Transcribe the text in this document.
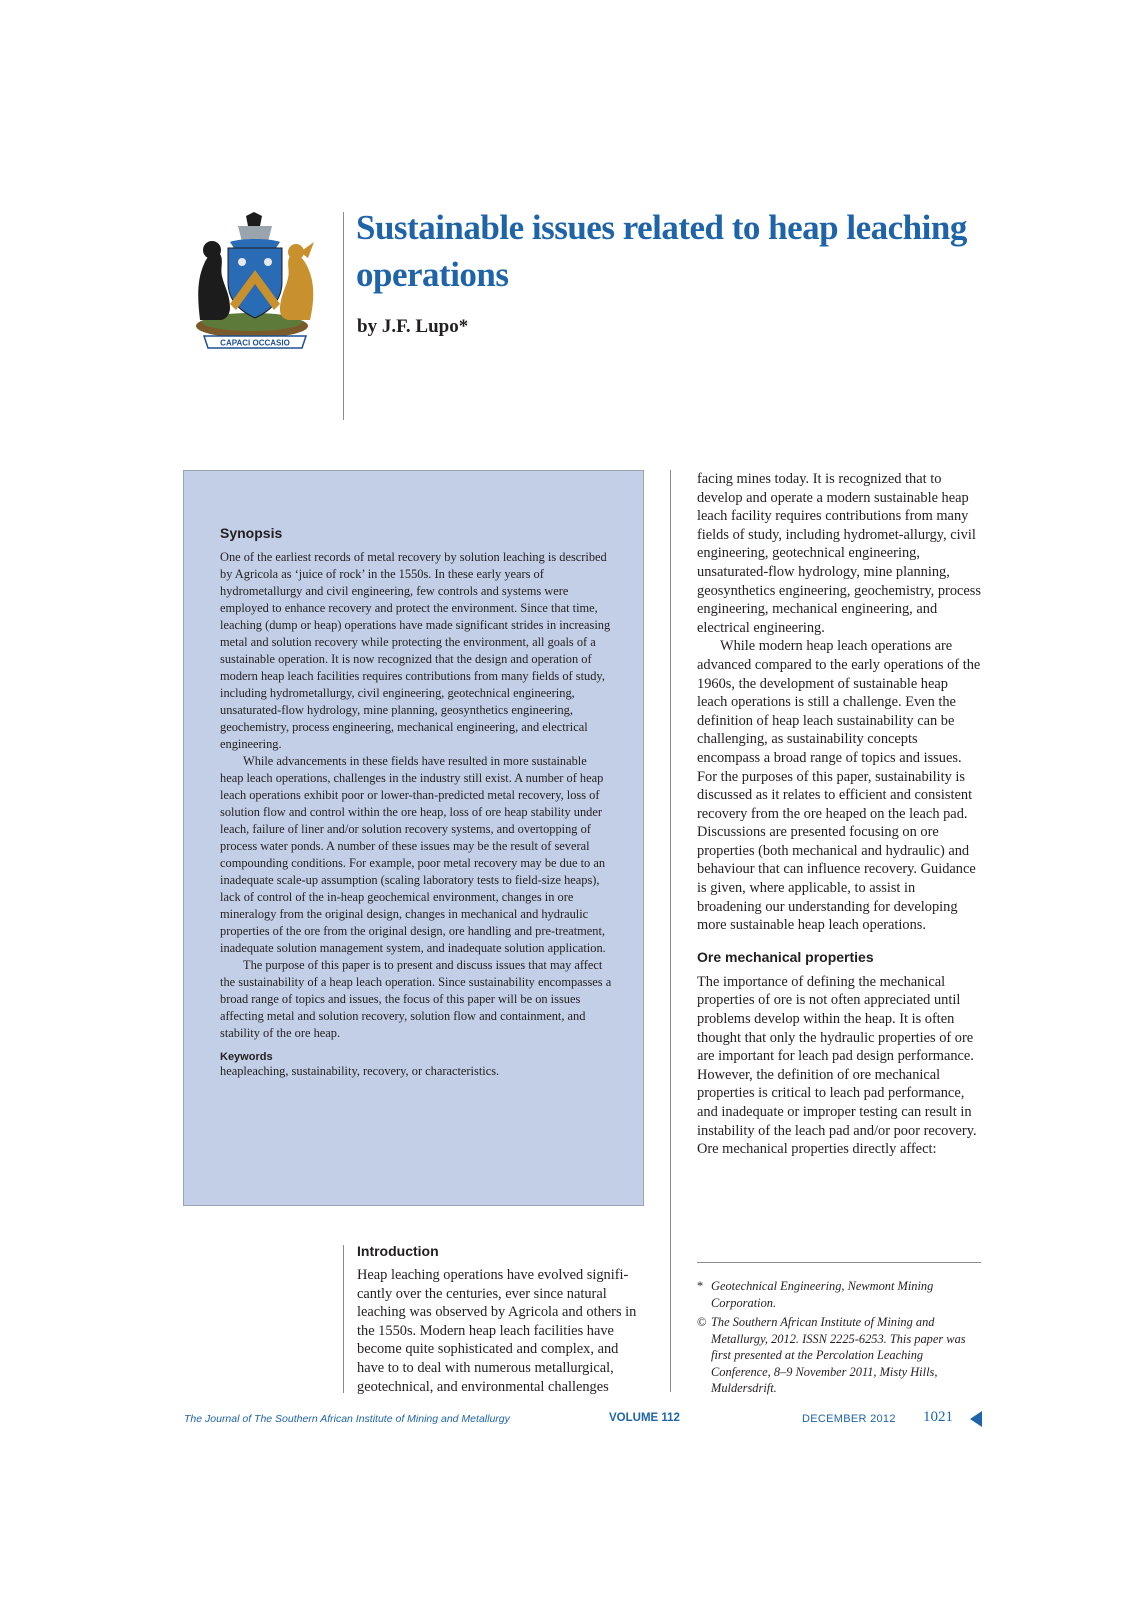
CAPACI OCCASIO
Sustainable issues related to heap leaching operations

by J.F. Lupo*

Synopsis

One of the earliest records of metal recovery by solution leaching is described by Agricola as ‘juice of rock’ in the 1550s. In these early years of hydrometallurgy and civil engineering, few controls and systems were employed to enhance recovery and protect the environment. Since that time, leaching (dump or heap) operations have made significant strides in increasing metal and solution recovery while protecting the environment, all goals of a sustainable operation. It is now recognized that the design and operation of modern heap leach facilities requires contributions from many fields of study, including hydrometallurgy, civil engineering, geotechnical engineering, unsaturated-flow hydrology, mine planning, geosynthetics engineering, geochemistry, process engineering, mechanical engineering, and electrical engineering.

While advancements in these fields have resulted in more sustainable heap leach operations, challenges in the industry still exist. A number of heap leach operations exhibit poor or lower-than-predicted metal recovery, loss of solution flow and control within the ore heap, loss of ore heap stability under leach, failure of liner and/or solution recovery systems, and overtopping of process water ponds. A number of these issues may be the result of several compounding conditions. For example, poor metal recovery may be due to an inadequate scale-up assumption (scaling laboratory tests to field-size heaps), lack of control of the in-heap geochemical environment, changes in ore mineralogy from the original design, changes in mechanical and hydraulic properties of the ore from the original design, ore handling and pre-treatment, inadequate solution management system, and inadequate solution application.

The purpose of this paper is to present and discuss issues that may affect the sustainability of a heap leach operation. Since sustainability encompasses a broad range of topics and issues, the focus of this paper will be on issues affecting metal and solution recovery, solution flow and containment, and stability of the ore heap.

Keywords

heapleaching, sustainability, recovery, or characteristics.

facing mines today. It is recognized that to develop and operate a modern sustainable heap leach facility requires contributions from many fields of study, including hydromet-allurgy, civil engineering, geotechnical engineering, unsaturated-flow hydrology, mine planning, geosynthetics engineering, geochemistry, process engineering, mechanical engineering, and electrical engineering.

While modern heap leach operations are advanced compared to the early operations of the 1960s, the development of sustainable heap leach operations is still a challenge. Even the definition of heap leach sustainability can be challenging, as sustainability concepts encompass a broad range of topics and issues. For the purposes of this paper, sustainability is discussed as it relates to efficient and consistent recovery from the ore heaped on the leach pad. Discussions are presented focusing on ore properties (both mechanical and hydraulic) and behaviour that can influence recovery. Guidance is given, where applicable, to assist in broadening our understanding for developing more sustainable heap leach operations.

Ore mechanical properties

The importance of defining the mechanical properties of ore is not often appreciated until problems develop within the heap. It is often thought that only the hydraulic properties of ore are important for leach pad design performance. However, the definition of ore mechanical properties is critical to leach pad performance, and inadequate or improper testing can result in instability of the leach pad and/or poor recovery. Ore mechanical properties directly affect:

Introduction

Heap leaching operations have evolved signifi-cantly over the centuries, ever since natural leaching was observed by Agricola and others in the 1550s. Modern heap leach facilities have become quite sophisticated and complex, and have to to deal with numerous metallurgical, geotechnical, and environmental challenges

* Geotechnical Engineering, Newmont Mining Corporation.

© The Southern African Institute of Mining and Metallurgy, 2012. ISSN 2225-6253. This paper was first presented at the Percolation Leaching Conference, 8–9 November 2011, Misty Hills, Muldersdrift.

The Journal of The Southern African Institute of Mining and Metallurgy	VOLUME 112	DECEMBER 2012 1021
